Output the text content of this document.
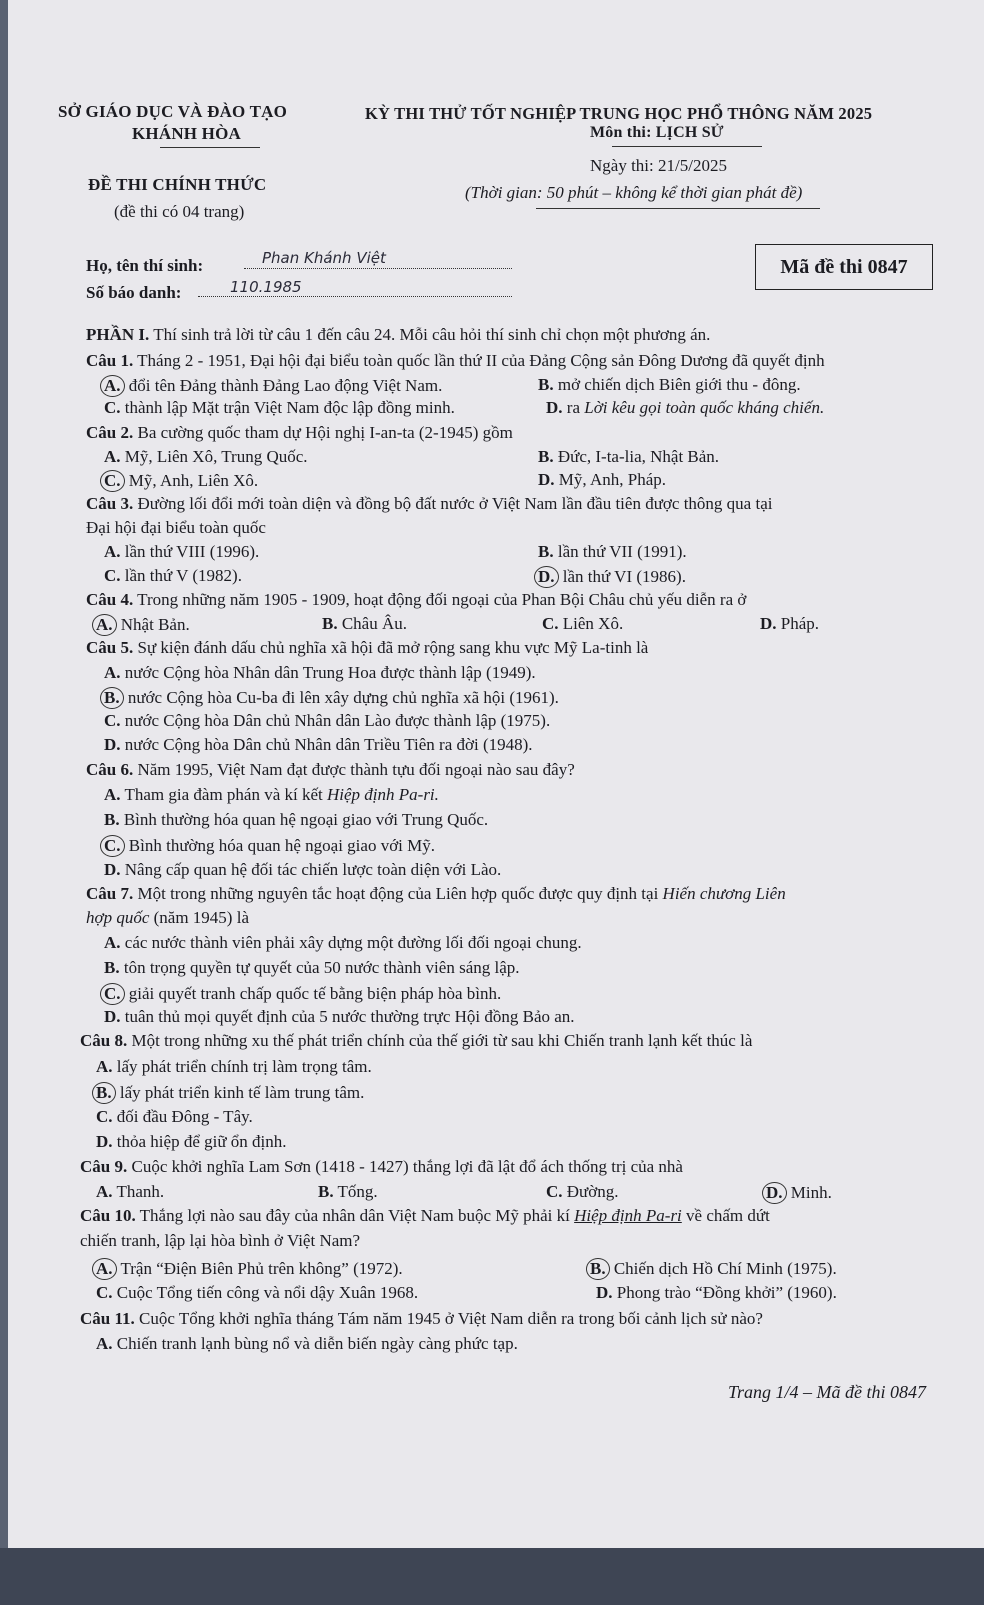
SỞ GIÁO DỤC VÀ ĐÀO TẠO
KHÁNH HÒA
KỲ THI THỬ TỐT NGHIỆP TRUNG HỌC PHỔ THÔNG NĂM 2025
Môn thi: LỊCH SỬ
ĐỀ THI CHÍNH THỨC
(đề thi có 04 trang)
Ngày thi: 21/5/2025
(Thời gian: 50 phút – không kể thời gian phát đề)
Họ, tên thí sinh:	Phan Khánh Việt
Số báo danh:	110.1985
Mã đề thi 0847
PHẦN I. Thí sinh trả lời từ câu 1 đến câu 24. Mỗi câu hỏi thí sinh chỉ chọn một phương án.
Câu 1. Tháng 2 - 1951, Đại hội đại biểu toàn quốc lần thứ II của Đảng Cộng sản Đông Dương đã quyết định
A. đổi tên Đảng thành Đảng Lao động Việt Nam.	B. mở chiến dịch Biên giới thu - đông.
C. thành lập Mặt trận Việt Nam độc lập đồng minh.	D. ra Lời kêu gọi toàn quốc kháng chiến.
Câu 2. Ba cường quốc tham dự Hội nghị I-an-ta (2-1945) gồm
A. Mỹ, Liên Xô, Trung Quốc.	B. Đức, I-ta-lia, Nhật Bản.
C. Mỹ, Anh, Liên Xô.	D. Mỹ, Anh, Pháp.
Câu 3. Đường lối đổi mới toàn diện và đồng bộ đất nước ở Việt Nam lần đầu tiên được thông qua tại
Đại hội đại biểu toàn quốc
A. lần thứ VIII (1996).	B. lần thứ VII (1991).
C. lần thứ V (1982).	D. lần thứ VI (1986).
Câu 4. Trong những năm 1905 - 1909, hoạt động đối ngoại của Phan Bội Châu chủ yếu diễn ra ở
A. Nhật Bản.	B. Châu Âu.	C. Liên Xô.	D. Pháp.
Câu 5. Sự kiện đánh dấu chủ nghĩa xã hội đã mở rộng sang khu vực Mỹ La-tinh là
A. nước Cộng hòa Nhân dân Trung Hoa được thành lập (1949).
B. nước Cộng hòa Cu-ba đi lên xây dựng chủ nghĩa xã hội (1961).
C. nước Cộng hòa Dân chủ Nhân dân Lào được thành lập (1975).
D. nước Cộng hòa Dân chủ Nhân dân Triều Tiên ra đời (1948).
Câu 6. Năm 1995, Việt Nam đạt được thành tựu đối ngoại nào sau đây?
A. Tham gia đàm phán và kí kết Hiệp định Pa-ri.
B. Bình thường hóa quan hệ ngoại giao với Trung Quốc.
C. Bình thường hóa quan hệ ngoại giao với Mỹ.
D. Nâng cấp quan hệ đối tác chiến lược toàn diện với Lào.
Câu 7. Một trong những nguyên tắc hoạt động của Liên hợp quốc được quy định tại Hiến chương Liên
hợp quốc (năm 1945) là
A. các nước thành viên phải xây dựng một đường lối đối ngoại chung.
B. tôn trọng quyền tự quyết của 50 nước thành viên sáng lập.
C. giải quyết tranh chấp quốc tế bằng biện pháp hòa bình.
D. tuân thủ mọi quyết định của 5 nước thường trực Hội đồng Bảo an.
Câu 8. Một trong những xu thế phát triển chính của thế giới từ sau khi Chiến tranh lạnh kết thúc là
A. lấy phát triển chính trị làm trọng tâm.
B. lấy phát triển kinh tế làm trung tâm.
C. đối đầu Đông - Tây.
D. thỏa hiệp để giữ ổn định.
Câu 9. Cuộc khởi nghĩa Lam Sơn (1418 - 1427) thắng lợi đã lật đổ ách thống trị của nhà
A. Thanh.	B. Tống.	C. Đường.	D. Minh.
Câu 10. Thắng lợi nào sau đây của nhân dân Việt Nam buộc Mỹ phải kí Hiệp định Pa-ri về chấm dứt
chiến tranh, lập lại hòa bình ở Việt Nam?
A. Trận “Điện Biên Phủ trên không” (1972).	B. Chiến dịch Hồ Chí Minh (1975).
C. Cuộc Tổng tiến công và nổi dậy Xuân 1968.	D. Phong trào “Đồng khởi” (1960).
Câu 11. Cuộc Tổng khởi nghĩa tháng Tám năm 1945 ở Việt Nam diễn ra trong bối cảnh lịch sử nào?
A. Chiến tranh lạnh bùng nổ và diễn biến ngày càng phức tạp.
Trang 1/4 – Mã đề thi 0847
